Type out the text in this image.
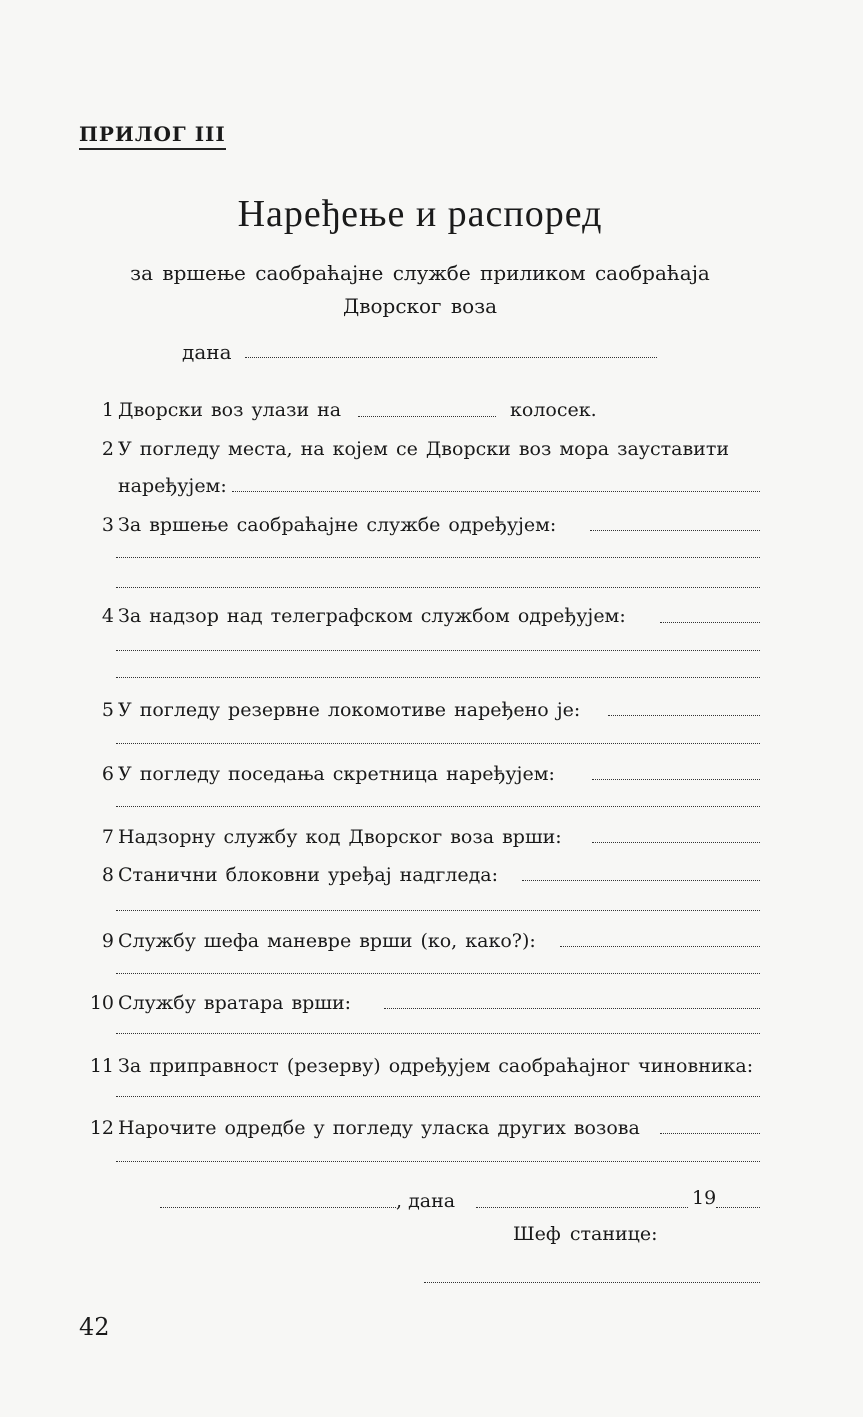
ПРИЛОГ III
Наређење и распоред
за вршење саобраћајне службе приликом саобраћаја
Дворског воза
дана
1 Дворски воз улази на	колосек.
2 У погледу места, на којем се Дворски воз мора зауставити
наређујем:
3 За вршење саобраћајне службе одређујем:
4 За нaдзор над телеграфском службом одређујем:
5 У погледу резервне локомотиве наређено је:
6 У погледу поседања скретница наређујем:
7 Надзорну службу код Дворског воза врши:
8 Станични блоковни уређај надгледа:
9 Службу шефа маневре врши (ко, како?):
10 Службу вратара врши:
11 За приправност (резерву) одређујем саобраћајног чиновника:
12 Нарочите одредбе у погледу уласка других возова
, дана	19
Шеф станице:
42
